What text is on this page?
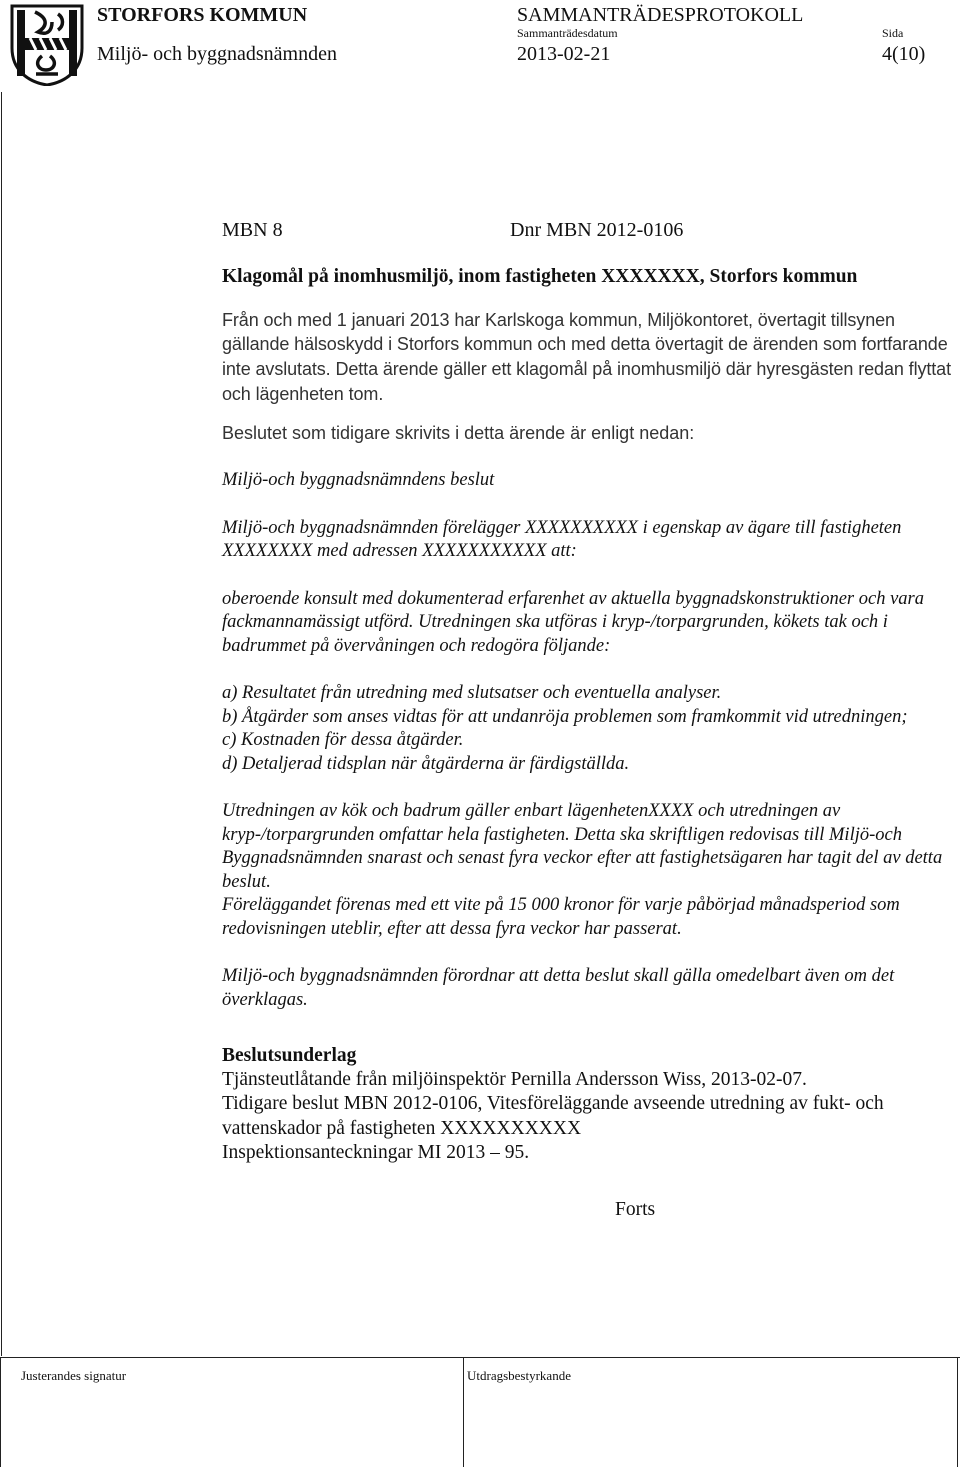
STORFORS KOMMUN
Miljö- och byggnadsnämnden
SAMMANTRÄDESPROTOKOLL
Sammanträdesdatum
2013-02-21
Sida
4(10)
MBN 8	Dnr MBN 2012-0106

Klagomål på inomhusmiljö, inom fastigheten XXXXXXX, Storfors kommun

Från och med 1 januari 2013 har Karlskoga kommun, Miljökontoret, övertagit tillsynen gällande hälsoskydd i Storfors kommun och med detta övertagit de ärenden som fortfarande inte avslutats. Detta ärende gäller ett klagomål på inomhusmiljö där hyresgästen redan flyttat och lägenheten tom.

Beslutet som tidigare skrivits i detta ärende är enligt nedan:

Miljö-och byggnadsnämndens beslut

Miljö-och byggnadsnämnden förelägger XXXXXXXXXX i egenskap av ägare till fastigheten XXXXXXXX med adressen XXXXXXXXXXX att:

oberoende konsult med dokumenterad erfarenhet av aktuella byggnadskonstruktioner och vara fackmannamässigt utförd. Utredningen ska utföras i kryp-/torpargrunden, kökets tak och i badrummet på övervåningen och redogöra följande:

a) Resultatet från utredning med slutsatser och eventuella analyser.

b) Åtgärder som anses vidtas för att undanröja problemen som framkommit vid utredningen;

c) Kostnaden för dessa åtgärder.

d) Detaljerad tidsplan när åtgärderna är färdigställda.

Utredningen av kök och badrum gäller enbart lägenhetenXXXX och utredningen av kryp-/torpargrunden omfattar hela fastigheten. Detta ska skriftligen redovisas till Miljö-och Byggnadsnämnden snarast och senast fyra veckor efter att fastighetsägaren har tagit del av detta beslut.

Föreläggandet förenas med ett vite på 15 000 kronor för varje påbörjad månadsperiod som redovisningen uteblir, efter att dessa fyra veckor har passerat.

Miljö-och byggnadsnämnden förordnar att detta beslut skall gälla omedelbart även om det överklagas.

Beslutsunderlag

Tjänsteutlåtande från miljöinspektör Pernilla Andersson Wiss, 2013-02-07.

Tidigare beslut MBN 2012-0106, Vitesföreläggande avseende utredning av fukt- och vattenskador på fastigheten XXXXXXXXXX

Inspektionsanteckningar MI 2013 – 95.

Forts

Justerandes signatur	Utdragsbestyrkande
